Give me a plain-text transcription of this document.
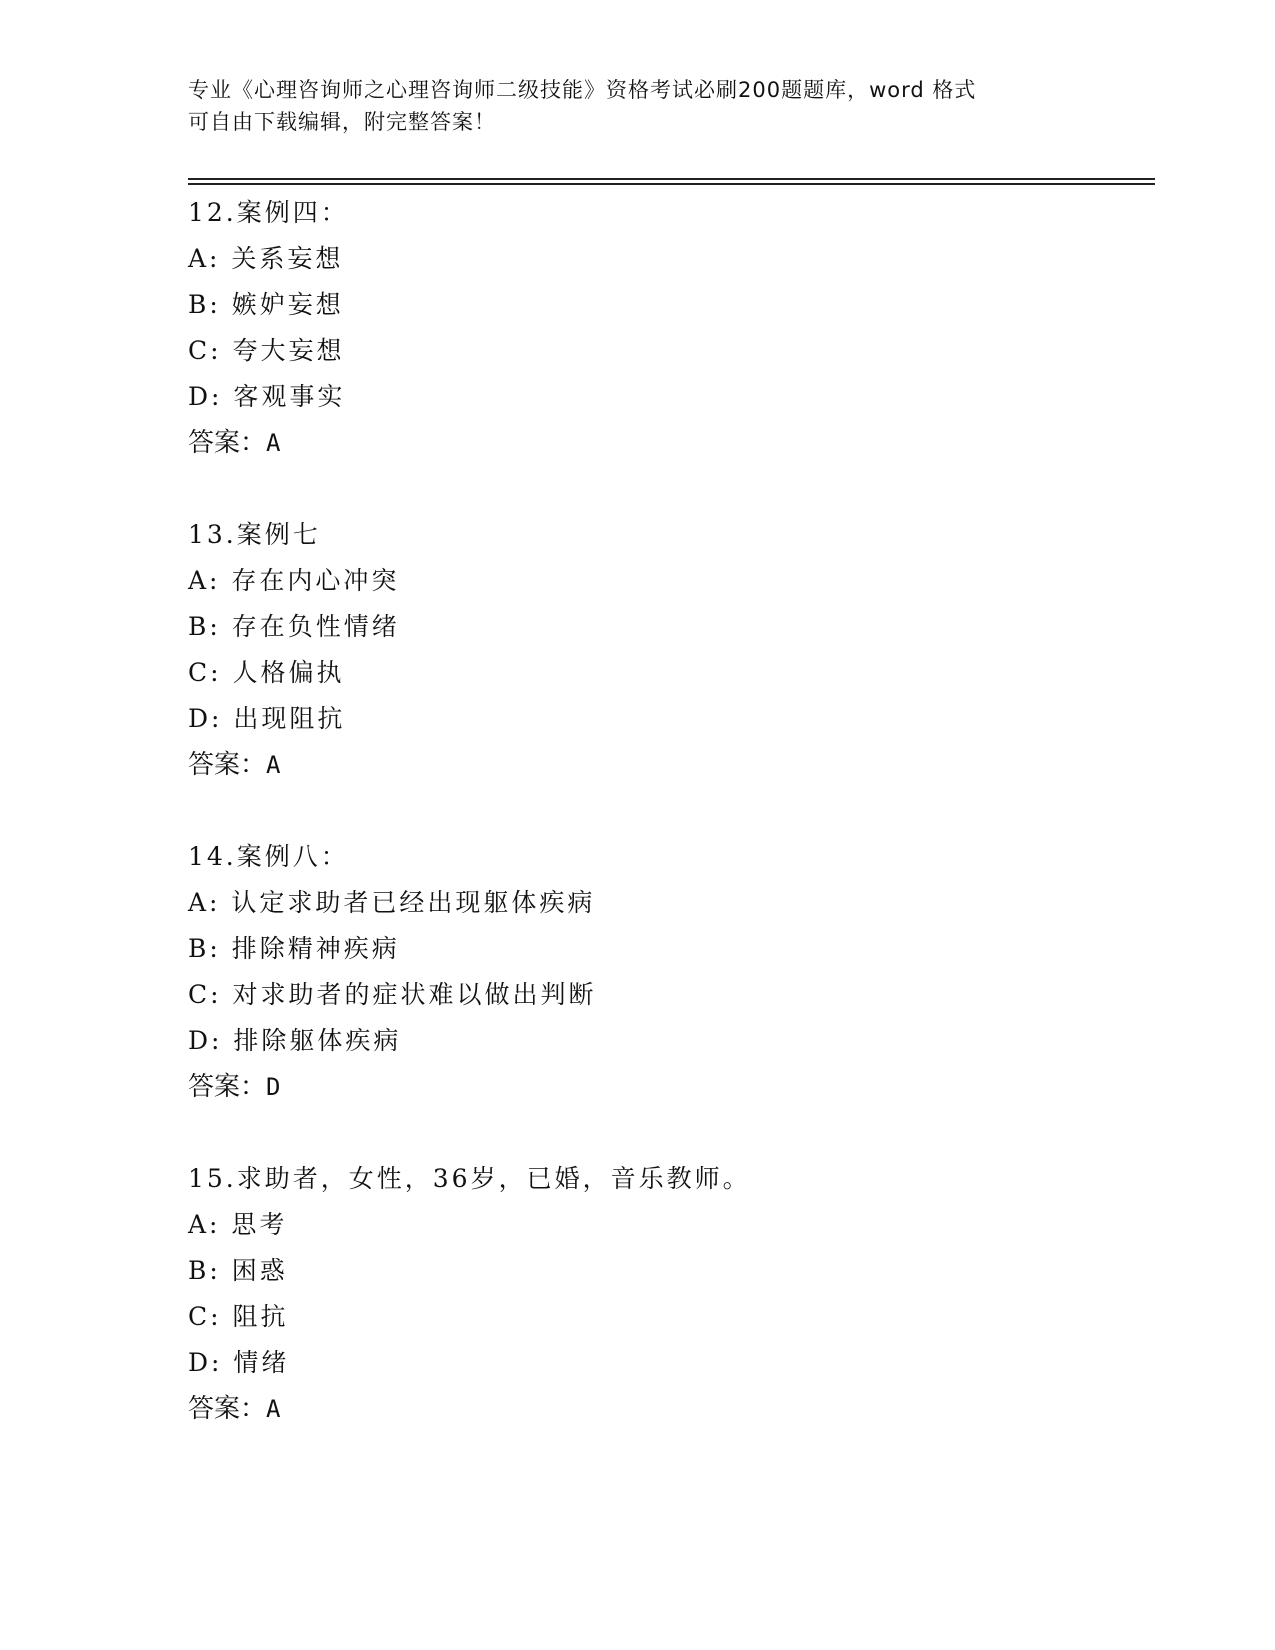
专业《心理咨询师之心理咨询师二级技能》资格考试必刷200题题库，word 格式
可自由下载编辑，附完整答案！
12.案例四：
A: 关系妄想
B: 嫉妒妄想
C: 夸大妄想
D: 客观事实
答案：A
13.案例七
A: 存在内心冲突
B: 存在负性情绪
C: 人格偏执
D: 出现阻抗
答案：A
14.案例八：
A: 认定求助者已经出现躯体疾病
B: 排除精神疾病
C: 对求助者的症状难以做出判断
D: 排除躯体疾病
答案：D
15.求助者，女性，36岁，已婚，音乐教师。
A: 思考
B: 困惑
C: 阻抗
D: 情绪
答案：A
